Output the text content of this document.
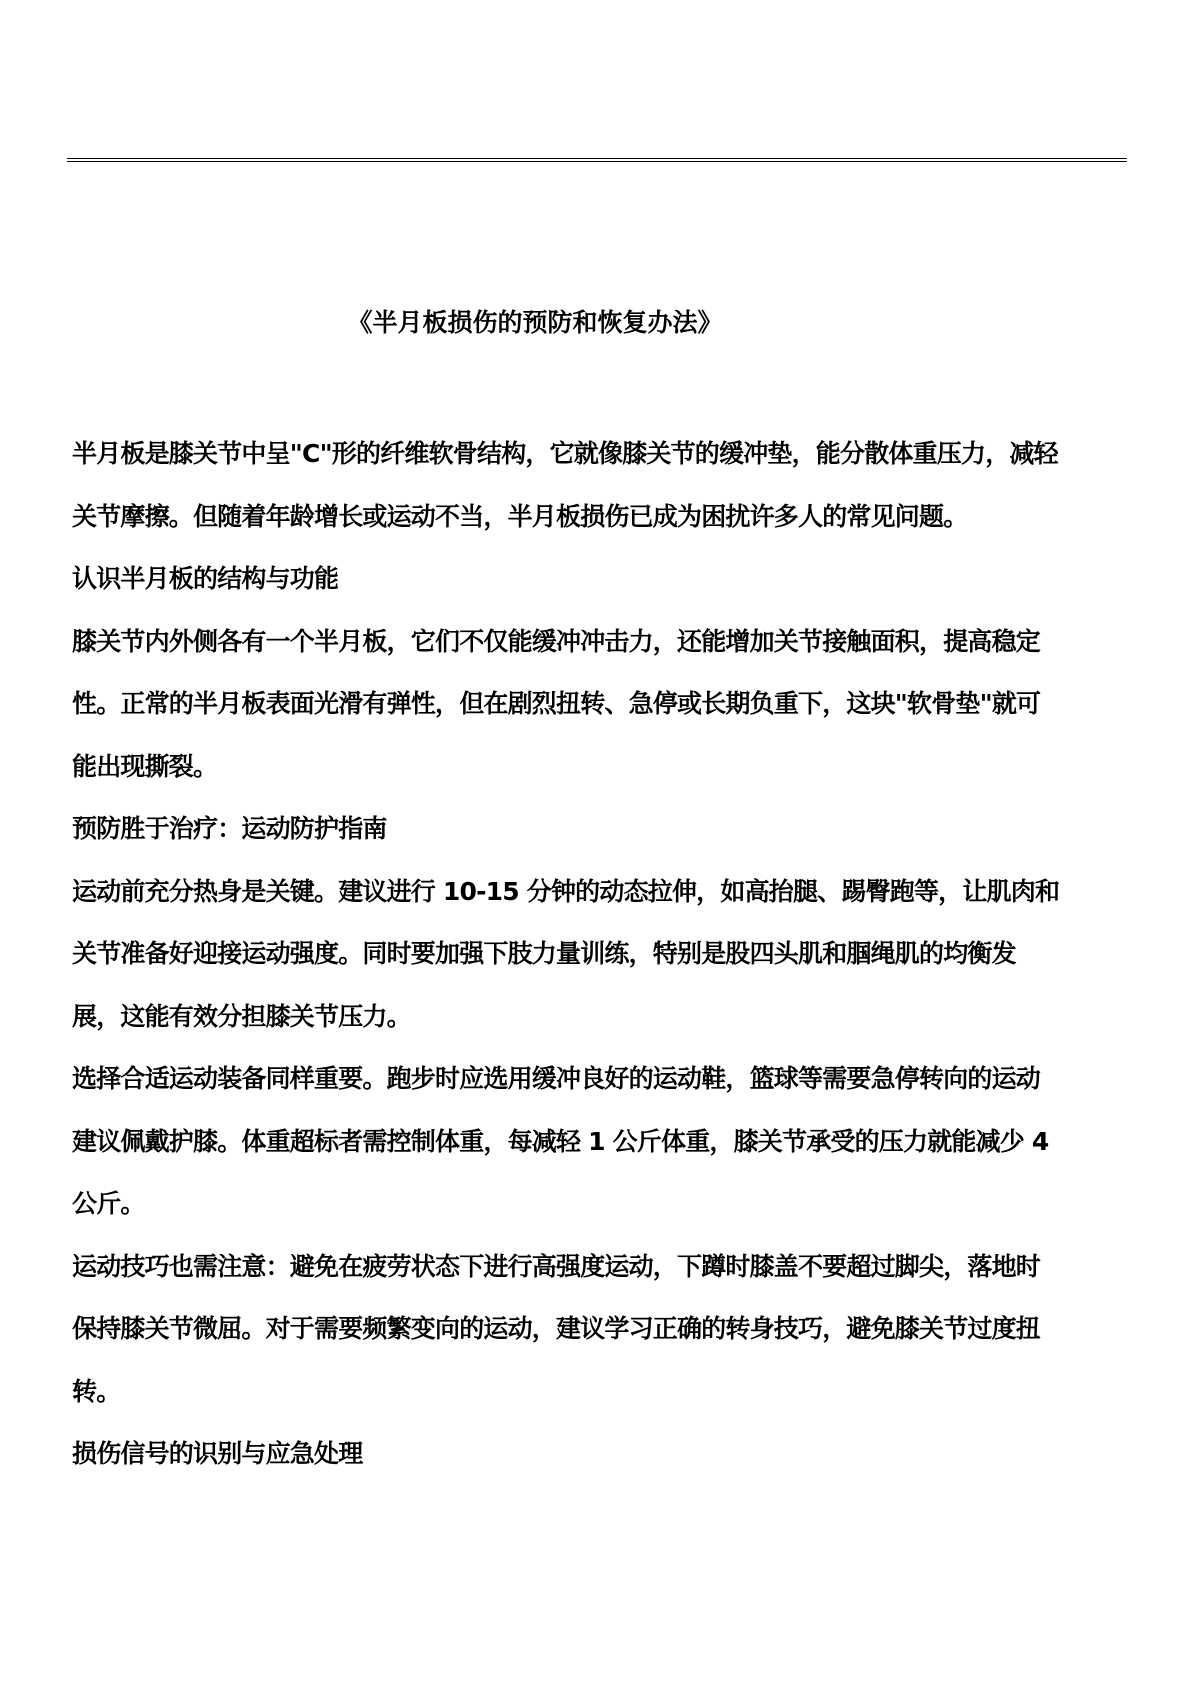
《半月板损伤的预防和恢复办法》

半月板是膝关节中呈"C"形的纤维软骨结构，它就像膝关节的缓冲垫，能分散体重压力，减轻关节摩擦。但随着年龄增长或运动不当，半月板损伤已成为困扰许多人的常见问题。

认识半月板的结构与功能

膝关节内外侧各有一个半月板，它们不仅能缓冲冲击力，还能增加关节接触面积，提高稳定性。正常的半月板表面光滑有弹性，但在剧烈扭转、急停或长期负重下，这块"软骨垫"就可能出现撕裂。

预防胜于治疗：运动防护指南

运动前充分热身是关键。建议进行 10-15 分钟的动态拉伸，如高抬腿、踢臀跑等，让肌肉和关节准备好迎接运动强度。同时要加强下肢力量训练，特别是股四头肌和腘绳肌的均衡发展，这能有效分担膝关节压力。

选择合适运动装备同样重要。跑步时应选用缓冲良好的运动鞋，篮球等需要急停转向的运动建议佩戴护膝。体重超标者需控制体重，每减轻 1 公斤体重，膝关节承受的压力就能减少 4 公斤。

运动技巧也需注意：避免在疲劳状态下进行高强度运动，下蹲时膝盖不要超过脚尖，落地时保持膝关节微屈。对于需要频繁变向的运动，建议学习正确的转身技巧，避免膝关节过度扭转。

损伤信号的识别与应急处理
